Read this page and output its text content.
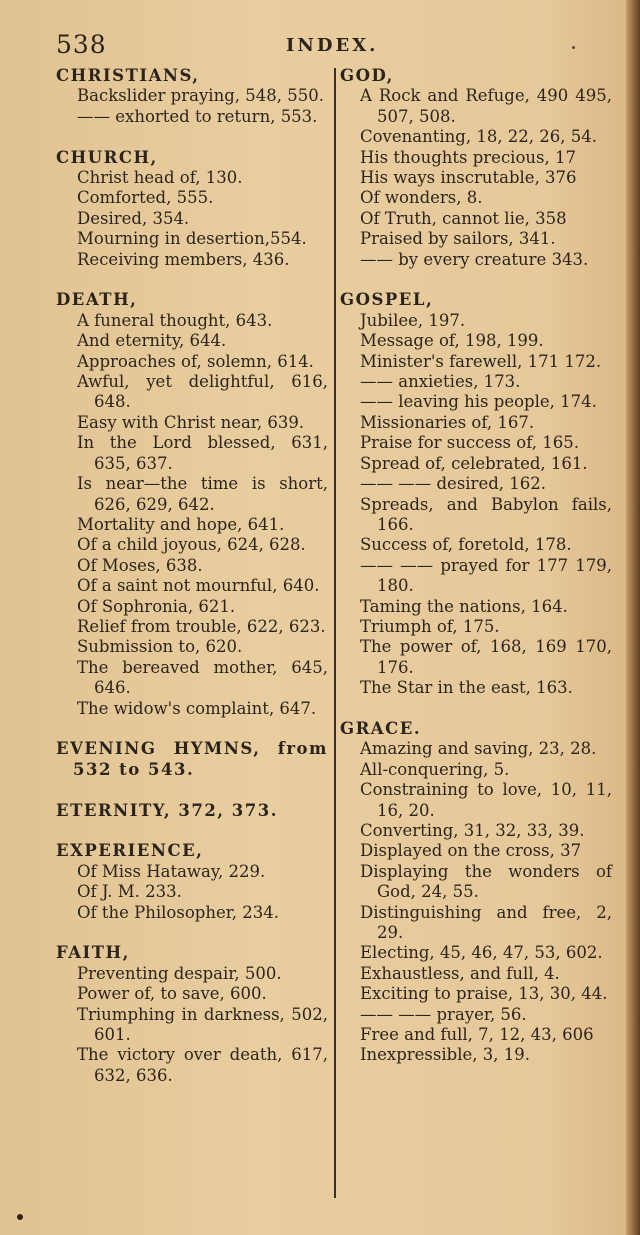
538	INDEX.
CHRISTIANS,
Backslider praying, 548, 550.
—— exhorted to return, 553.
CHURCH,
Christ head of, 130.
Comforted, 555.
Desired, 354.
Mourning in desertion,554.
Receiving members, 436.
DEATH,
A funeral thought, 643.
And eternity, 644.
Approaches of, solemn, 614.
Awful, yet delightful, 616, 648.
Easy with Christ near, 639.
In the Lord blessed, 631, 635, 637.
Is near—the time is short, 626, 629, 642.
Mortality and hope, 641.
Of a child joyous, 624, 628.
Of Moses, 638.
Of a saint not mournful, 640.
Of Sophronia, 621.
Relief from trouble, 622, 623.
Submission to, 620.
The bereaved mother, 645, 646.
The widow's complaint, 647.
EVENING HYMNS, from 532 to 543.
ETERNITY, 372, 373.
EXPERIENCE,
Of Miss Hataway, 229.
Of J. M. 233.
Of the Philosopher, 234.
FAITH,
Preventing despair, 500.
Power of, to save, 600.
Triumphing in darkness, 502, 601.
The victory over death, 617, 632, 636.
GOD,
A Rock and Refuge, 490 495, 507, 508.
Covenanting, 18, 22, 26, 54.
His thoughts precious, 17
His ways inscrutable, 376
Of wonders, 8.
Of Truth, cannot lie, 358
Praised by sailors, 341.
—— by every creature 343.
GOSPEL,
Jubilee, 197.
Message of, 198, 199.
Minister's farewell, 171 172.
—— anxieties, 173.
—— leaving his people, 174.
Missionaries of, 167.
Praise for success of, 165.
Spread of, celebrated, 161.
—— —— desired, 162.
Spreads, and Babylon fails, 166.
Success of, foretold, 178.
—— —— prayed for 177 179, 180.
Taming the nations, 164.
Triumph of, 175.
The power of, 168, 169 170, 176.
The Star in the east, 163.
GRACE.
Amazing and saving, 23, 28.
All-conquering, 5.
Constraining to love, 10, 11, 16, 20.
Converting, 31, 32, 33, 39.
Displayed on the cross, 37
Displaying the wonders of God, 24, 55.
Distinguishing and free, 2, 29.
Electing, 45, 46, 47, 53, 602.
Exhaustless, and full, 4.
Exciting to praise, 13, 30, 44.
—— —— prayer, 56.
Free and full, 7, 12, 43, 606
Inexpressible, 3, 19.
